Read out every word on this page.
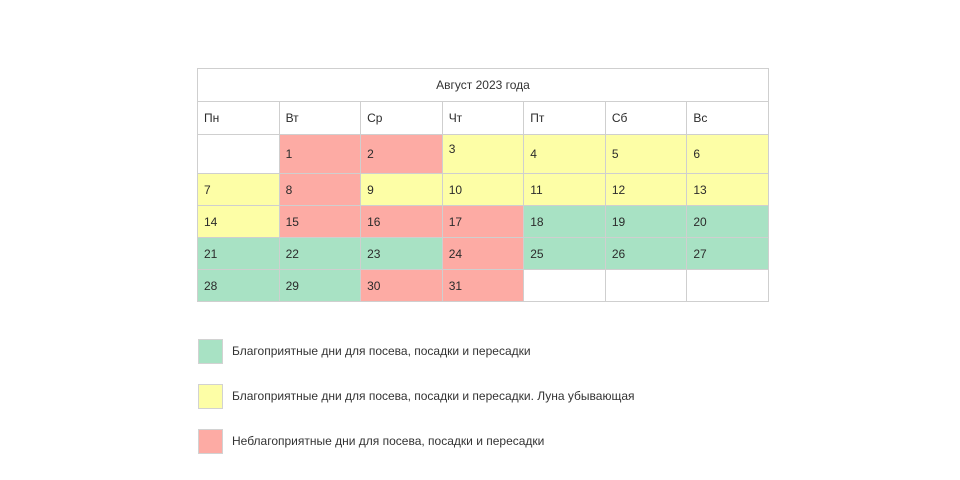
Август 2023 года						
Пн	Вт	Ср	Чт	Пт	Сб	Вс
	1	2	3	4	5	6
7	8	9	10	11	12	13
14	15	16	17	18	19	20
21	22	23	24	25	26	27
28	29	30	31			
Благоприятные дни для посева, посадки и пересадки
Благоприятные дни для посева, посадки и пересадки. Луна убывающая
Неблагоприятные дни для посева, посадки и пересадки
